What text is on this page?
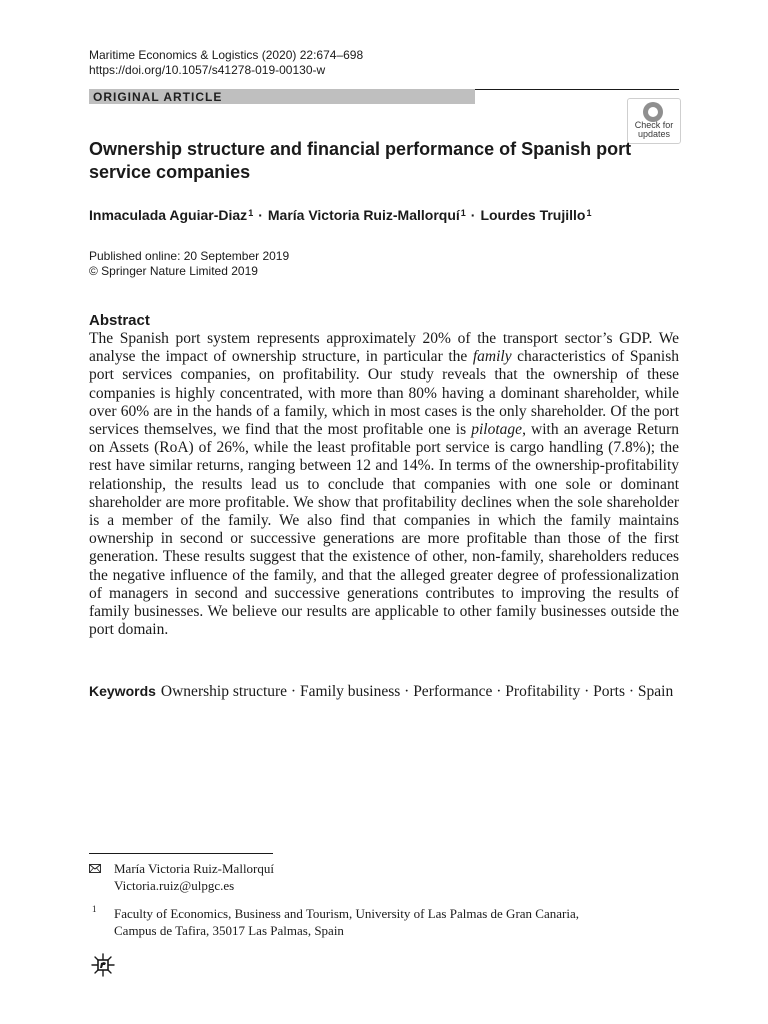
Maritime Economics & Logistics (2020) 22:674–698
https://doi.org/10.1057/s41278-019-00130-w
ORIGINAL ARTICLE
Check for
updates
Ownership structure and financial performance of Spanish port service companies
Inmaculada Aguiar-Diaz$^1$ · María Victoria Ruiz-Mallorquí$^1$ · Lourdes Trujillo$^1$
Published online: 20 September 2019
© Springer Nature Limited 2019
Abstract
The Spanish port system represents approximately 20% of the transport sector’s GDP. We analyse the impact of ownership structure, in particular the family characteristics of Spanish port services companies, on profitability. Our study reveals that the ownership of these companies is highly concentrated, with more than 80% having a dominant shareholder, while over 60% are in the hands of a family, which in most cases is the only shareholder. Of the port services themselves, we find that the most profitable one is pilotage, with an average Return on Assets (RoA) of 26%, while the least profitable port service is cargo handling (7.8%); the rest have similar returns, ranging between 12 and 14%. In terms of the ownership-profitability relationship, the results lead us to conclude that companies with one sole or dominant shareholder are more profitable. We show that profitability declines when the sole shareholder is a member of the family. We also find that companies in which the family maintains ownership in second or successive generations are more profitable than those of the first generation. These results suggest that the existence of other, non-family, shareholders reduces the negative influence of the family, and that the alleged greater degree of professionalization of managers in second and successive generations contributes to improving the results of family businesses. We believe our results are applicable to other family businesses outside the port domain.
Keywords Ownership structure · Family business · Performance · Profitability · Ports · Spain
María Victoria Ruiz-Mallorquí
Victoria.ruiz@ulpgc.es
1 Faculty of Economics, Business and Tourism, University of Las Palmas de Gran Canaria,
Campus de Tafira, 35017 Las Palmas, Spain
